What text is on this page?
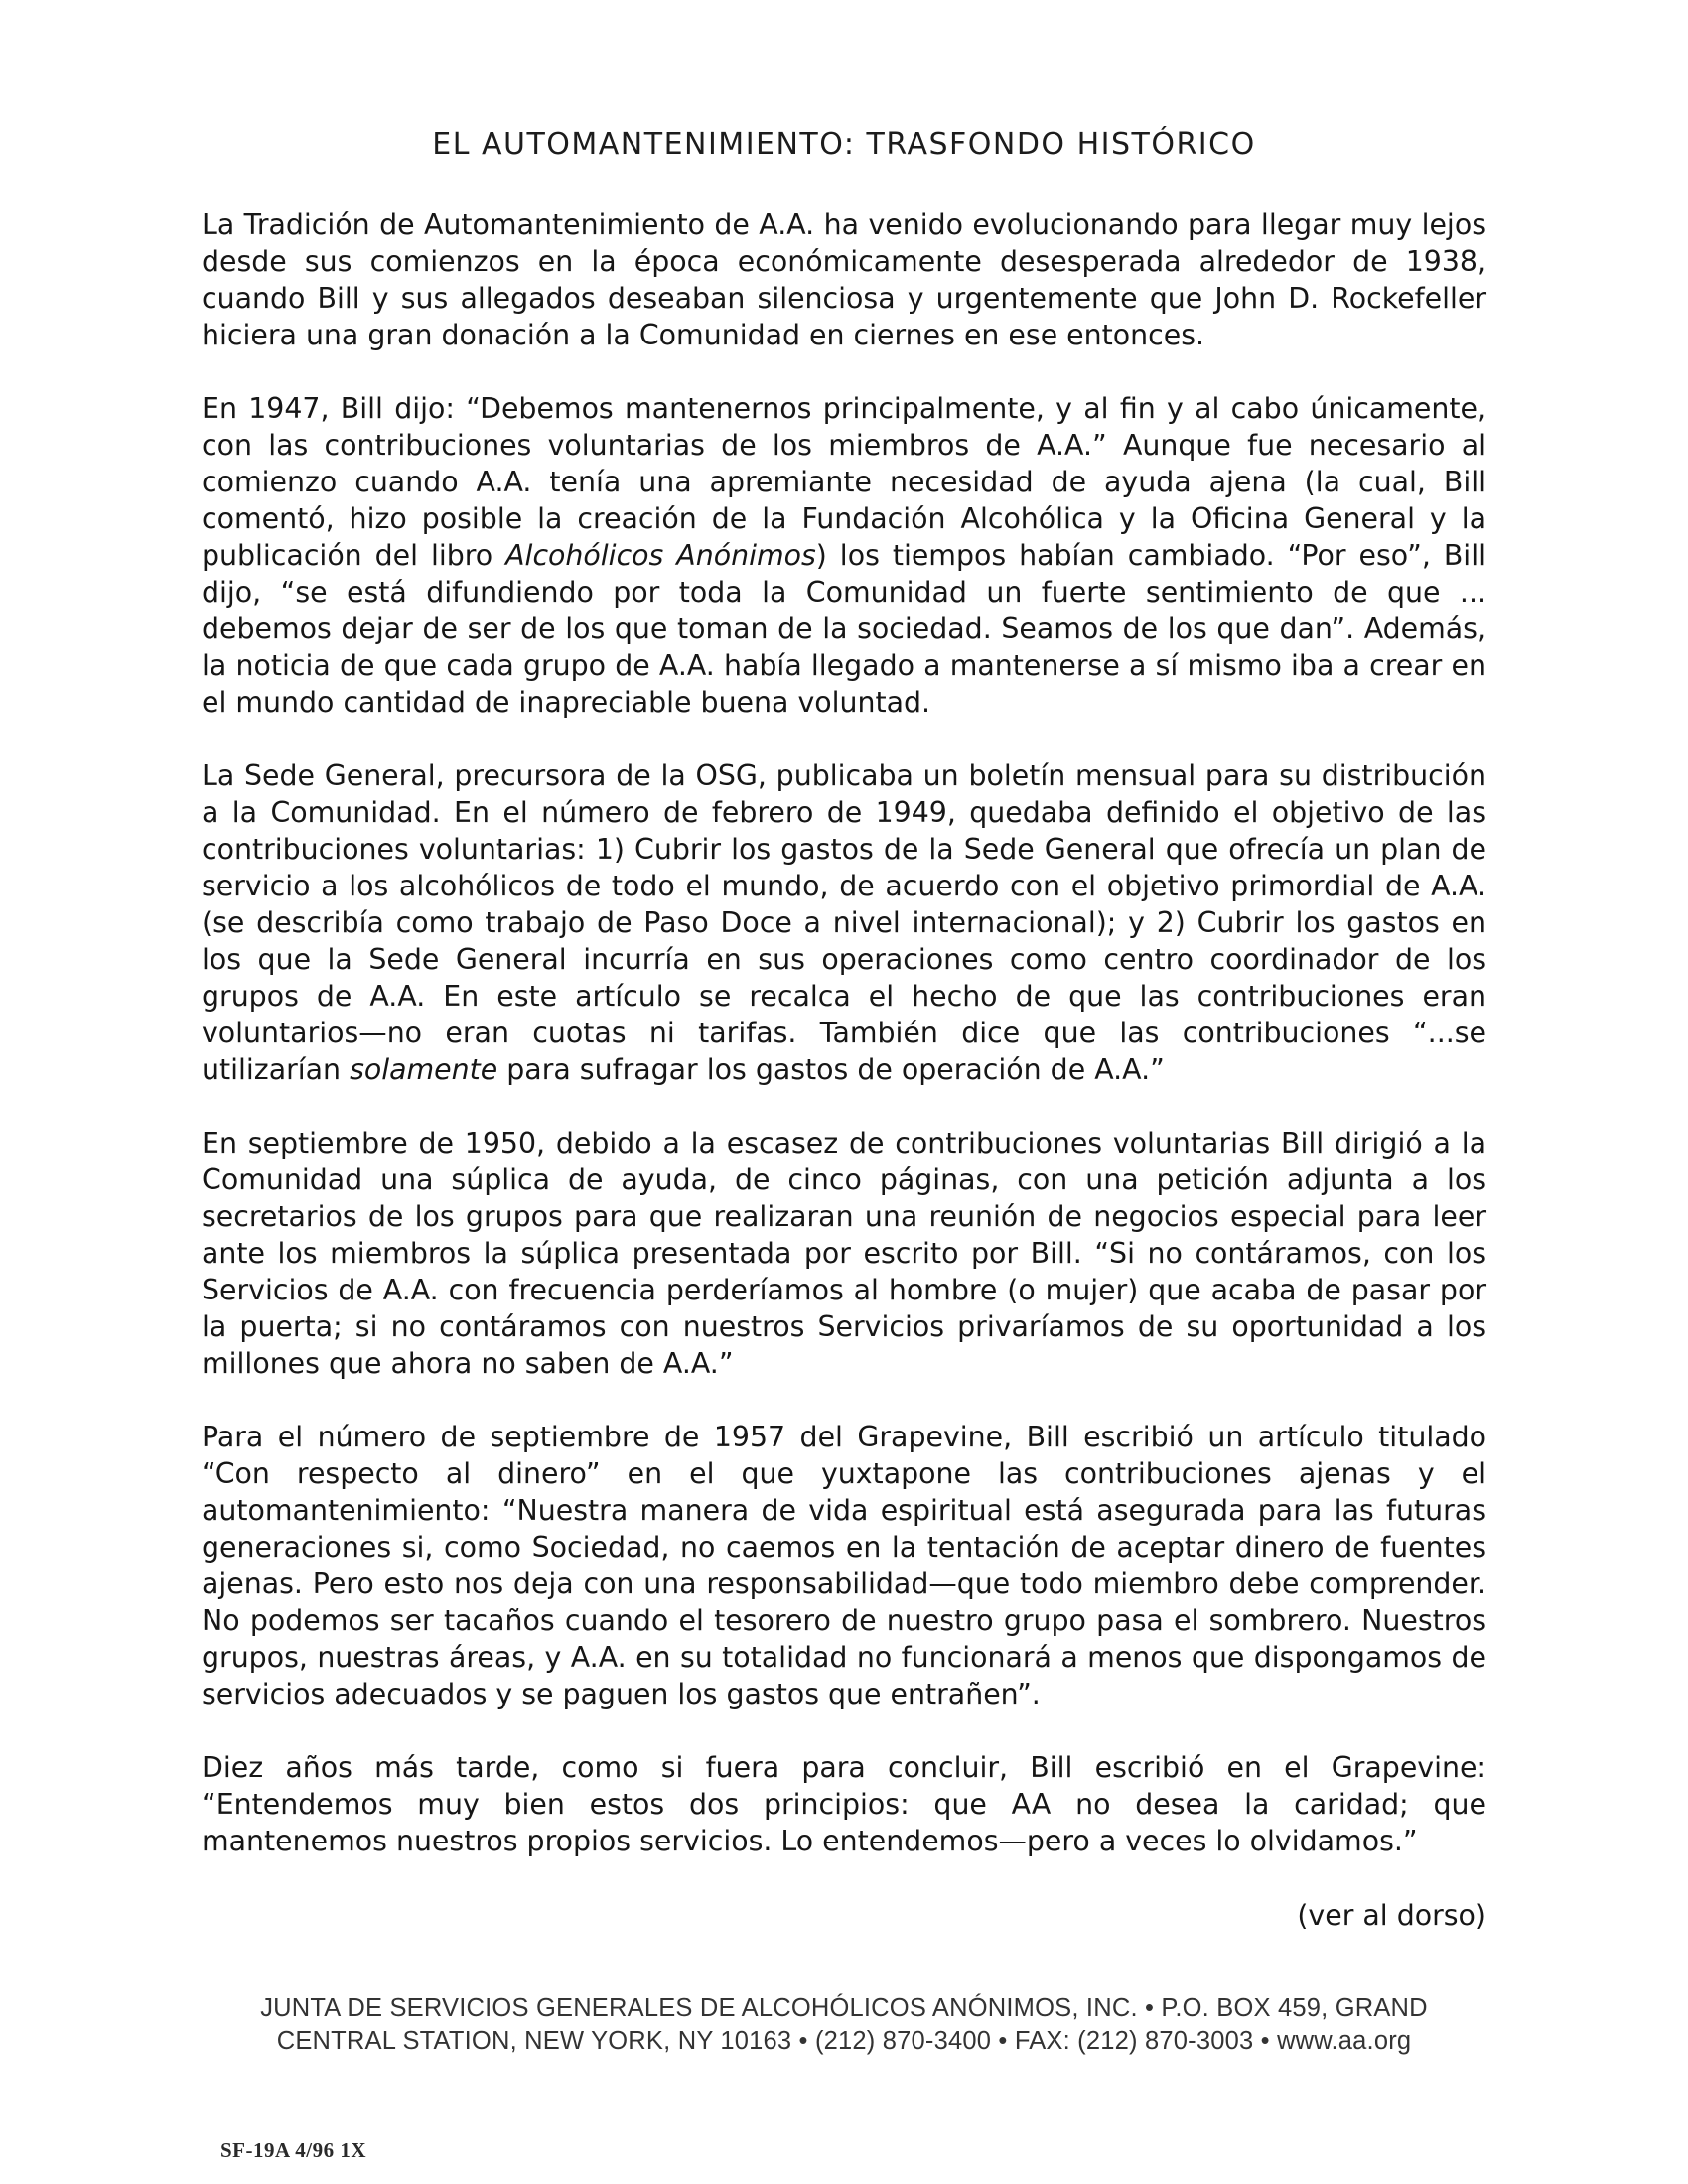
EL AUTOMANTENIMIENTO: TRASFONDO HISTÓRICO

La Tradición de Automantenimiento de A.A. ha venido evolucionando para llegar muy lejos desde sus comienzos en la época económicamente desesperada alrededor de 1938, cuando Bill y sus allegados deseaban silenciosa y urgentemente que John D. Rockefeller hiciera una gran donación a la Comunidad en ciernes en ese entonces.

En 1947, Bill dijo: “Debemos mantenernos principalmente, y al fin y al cabo únicamente, con las contribuciones voluntarias de los miembros de A.A.” Aunque fue necesario al comienzo cuando A.A. tenía una apremiante necesidad de ayuda ajena (la cual, Bill comentó, hizo posible la creación de la Fundación Alcohólica y la Oficina General y la publicación del libro Alcohólicos Anónimos) los tiempos habían cambiado. “Por eso”, Bill dijo, “se está difundiendo por toda la Comunidad un fuerte sentimiento de que ... debemos dejar de ser de los que toman de la sociedad. Seamos de los que dan”. Además, la noticia de que cada grupo de A.A. había llegado a mantenerse a sí mismo iba a crear en el mundo cantidad de inapreciable buena voluntad.

La Sede General, precursora de la OSG, publicaba un boletín mensual para su distribución a la Comunidad. En el número de febrero de 1949, quedaba definido el objetivo de las contribuciones voluntarias: 1) Cubrir los gastos de la Sede General que ofrecía un plan de servicio a los alcohólicos de todo el mundo, de acuerdo con el objetivo primordial de A.A. (se describía como trabajo de Paso Doce a nivel internacional); y 2) Cubrir los gastos en los que la Sede General incurría en sus operaciones como centro coordinador de los grupos de A.A. En este artículo se recalca el hecho de que las contribuciones eran voluntarios—no eran cuotas ni tarifas. También dice que las contribuciones “...se utilizarían solamente para sufragar los gastos de operación de A.A.”

En septiembre de 1950, debido a la escasez de contribuciones voluntarias Bill dirigió a la Comunidad una súplica de ayuda, de cinco páginas, con una petición adjunta a los secretarios de los grupos para que realizaran una reunión de negocios especial para leer ante los miembros la súplica presentada por escrito por Bill. “Si no contáramos, con los Servicios de A.A. con frecuencia perderíamos al hombre (o mujer) que acaba de pasar por la puerta; si no contáramos con nuestros Servicios privaríamos de su oportunidad a los millones que ahora no saben de A.A.”

Para el número de septiembre de 1957 del Grapevine, Bill escribió un artículo titulado “Con respecto al dinero” en el que yuxtapone las contribuciones ajenas y el automantenimiento: “Nuestra manera de vida espiritual está asegurada para las futuras generaciones si, como Sociedad, no caemos en la tentación de aceptar dinero de fuentes ajenas. Pero esto nos deja con una responsabilidad—que todo miembro debe comprender. No podemos ser tacaños cuando el tesorero de nuestro grupo pasa el sombrero. Nuestros grupos, nuestras áreas, y A.A. en su totalidad no funcionará a menos que dispongamos de servicios adecuados y se paguen los gastos que entrañen”.

Diez años más tarde, como si fuera para concluir, Bill escribió en el Grapevine: “Entendemos muy bien estos dos principios: que AA no desea la caridad; que mantenemos nuestros propios servicios. Lo entendemos—pero a veces lo olvidamos.”

(ver al dorso)
JUNTA DE SERVICIOS GENERALES DE ALCOHÓLICOS ANÓNIMOS, INC. • P.O. BOX 459, GRAND
CENTRAL STATION, NEW YORK, NY 10163 • (212) 870-3400 • FAX: (212) 870-3003 • www.aa.org
SF-19A 4/96 1X
